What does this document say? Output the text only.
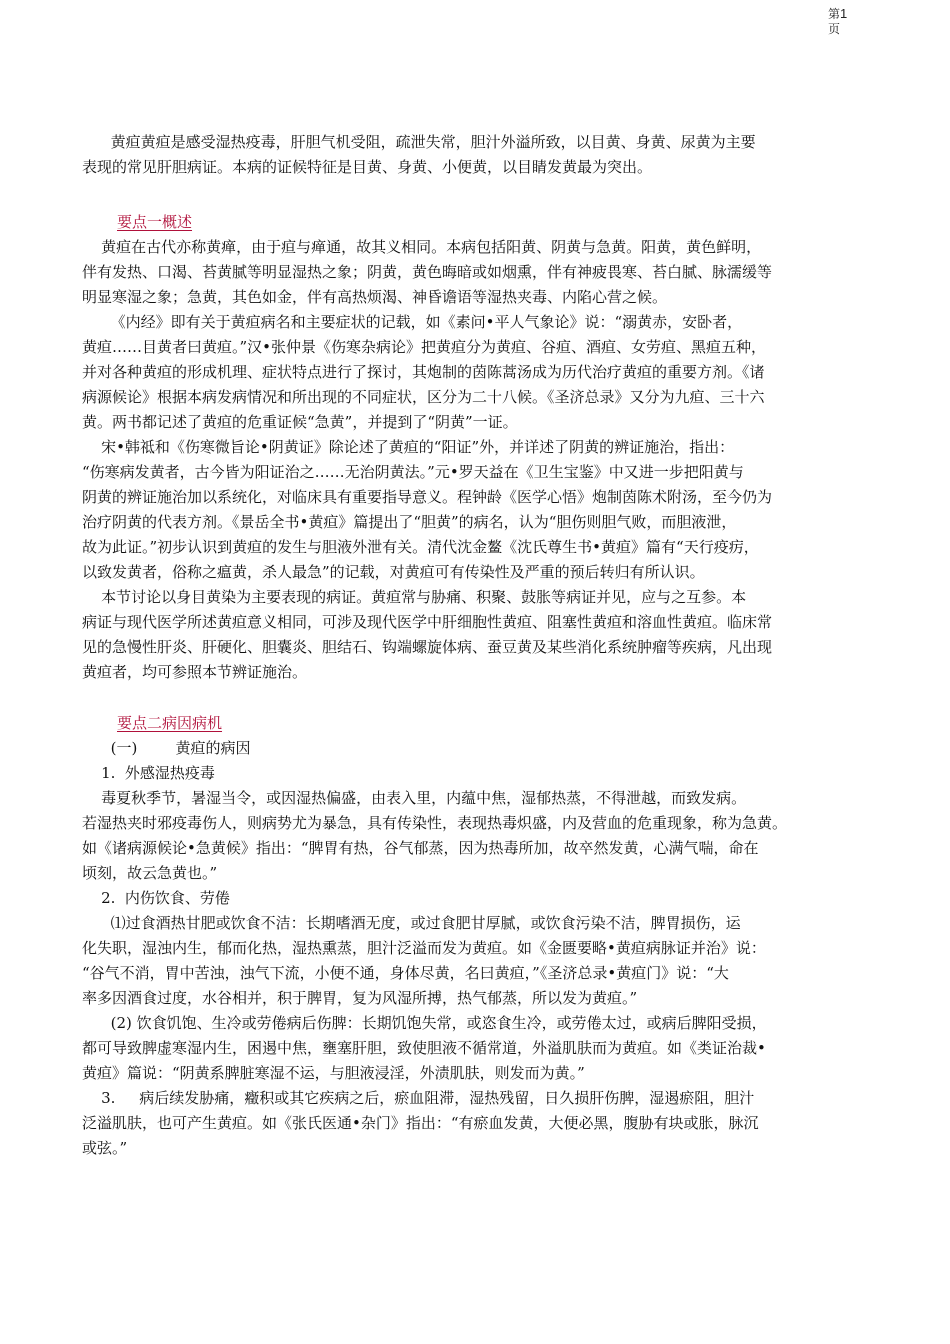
第1
页
黄疸黄疸是感受湿热疫毒，肝胆气机受阻，疏泄失常，胆汁外溢所致，以目黄、身黄、尿黄为主要
表现的常见肝胆病证。本病的证候特征是目黄、身黄、小便黄，以目睛发黄最为突出。
要点一概述
黄疸在古代亦称黄瘅，由于疸与瘅通，故其义相同。本病包括阳黄、阴黄与急黄。阳黄，黄色鲜明，
伴有发热、口渴、苔黄腻等明显湿热之象；阴黄，黄色晦暗或如烟熏，伴有神疲畏寒、苔白腻、脉濡缓等
明显寒湿之象；急黄，其色如金，伴有高热烦渴、神昏谵语等湿热夹毒、内陷心营之候。
《内经》即有关于黄疸病名和主要症状的记载，如《素问•平人气象论》说：“溺黄赤，安卧者，
黄疸……目黄者曰黄疸。”汉•张仲景《伤寒杂病论》把黄疸分为黄疸、谷疸、酒疸、女劳疸、黑疸五种，
并对各种黄疸的形成机理、症状特点进行了探讨，其炮制的茵陈蒿汤成为历代治疗黄疸的重要方剂。《诸
病源候论》根据本病发病情况和所出现的不同症状，区分为二十八候。《圣济总录》又分为九疸、三十六
黄。两书都记述了黄疸的危重证候“急黄”，并提到了“阴黄”一证。
宋•韩祗和《伤寒微旨论•阴黄证》除论述了黄疸的“阳证”外，并详述了阴黄的辨证施治，指出：
“伤寒病发黄者，古今皆为阳证治之……无治阴黄法。”元•罗天益在《卫生宝鉴》中又进一步把阳黄与
阴黄的辨证施治加以系统化，对临床具有重要指导意义。程钟龄《医学心悟》炮制茵陈术附汤，至今仍为
治疗阴黄的代表方剂。《景岳全书•黄疸》篇提出了“胆黄”的病名，认为“胆伤则胆气败，而胆液泄，
故为此证。”初步认识到黄疸的发生与胆液外泄有关。清代沈金鳌《沈氏尊生书•黄疸》篇有“天行疫疠，
以致发黄者，俗称之瘟黄，杀人最急”的记载，对黄疸可有传染性及严重的预后转归有所认识。
本节讨论以身目黄染为主要表现的病证。黄疸常与胁痛、积聚、鼓胀等病证并见，应与之互参。本
病证与现代医学所述黄疸意义相同，可涉及现代医学中肝细胞性黄疸、阻塞性黄疸和溶血性黄疸。临床常
见的急慢性肝炎、肝硬化、胆囊炎、胆结石、钩端螺旋体病、蚕豆黄及某些消化系统肿瘤等疾病，凡出现
黄疸者，均可参照本节辨证施治。
要点二病因病机
(一)        黄疸的病因
1.  外感湿热疫毒
毒夏秋季节，暑湿当令，或因湿热偏盛，由表入里，内蕴中焦，湿郁热蒸，不得泄越，而致发病。
若湿热夹时邪疫毒伤人，则病势尤为暴急，具有传染性，表现热毒炽盛，内及营血的危重现象，称为急黄。
如《诸病源候论•急黄候》指出：“脾胃有热，谷气郁蒸，因为热毒所加，故卒然发黄，心满气喘，命在
顷刻，故云急黄也。”
2.  内伤饮食、劳倦
⑴过食酒热甘肥或饮食不洁：长期嗜酒无度，或过食肥甘厚腻，或饮食污染不洁，脾胃损伤，运
化失职，湿浊内生，郁而化热，湿热熏蒸，胆汁泛溢而发为黄疸。如《金匮要略•黄疸病脉证并治》说：
“谷气不消，胃中苦浊，浊气下流，小便不通，身体尽黄，名曰黄疸，”《圣济总录•黄疸门》说：“大
率多因酒食过度，水谷相并，积于脾胃，复为风湿所搏，热气郁蒸，所以发为黄疸。”
(2) 饮食饥饱、生冷或劳倦病后伤脾：长期饥饱失常，或恣食生冷，或劳倦太过，或病后脾阳受损，
都可导致脾虚寒湿内生，困遏中焦，壅塞肝胆，致使胆液不循常道，外溢肌肤而为黄疸。如《类证治裁•
黄疸》篇说：“阴黄系脾脏寒湿不运，与胆液浸淫，外渍肌肤，则发而为黄。”
3.     病后续发胁痛，癥积或其它疾病之后，瘀血阻滞，湿热残留，日久损肝伤脾，湿遏瘀阻，胆汁
泛溢肌肤，也可产生黄疸。如《张氏医通•杂门》指出：“有瘀血发黄，大便必黑，腹胁有块或胀，脉沉
或弦。”
